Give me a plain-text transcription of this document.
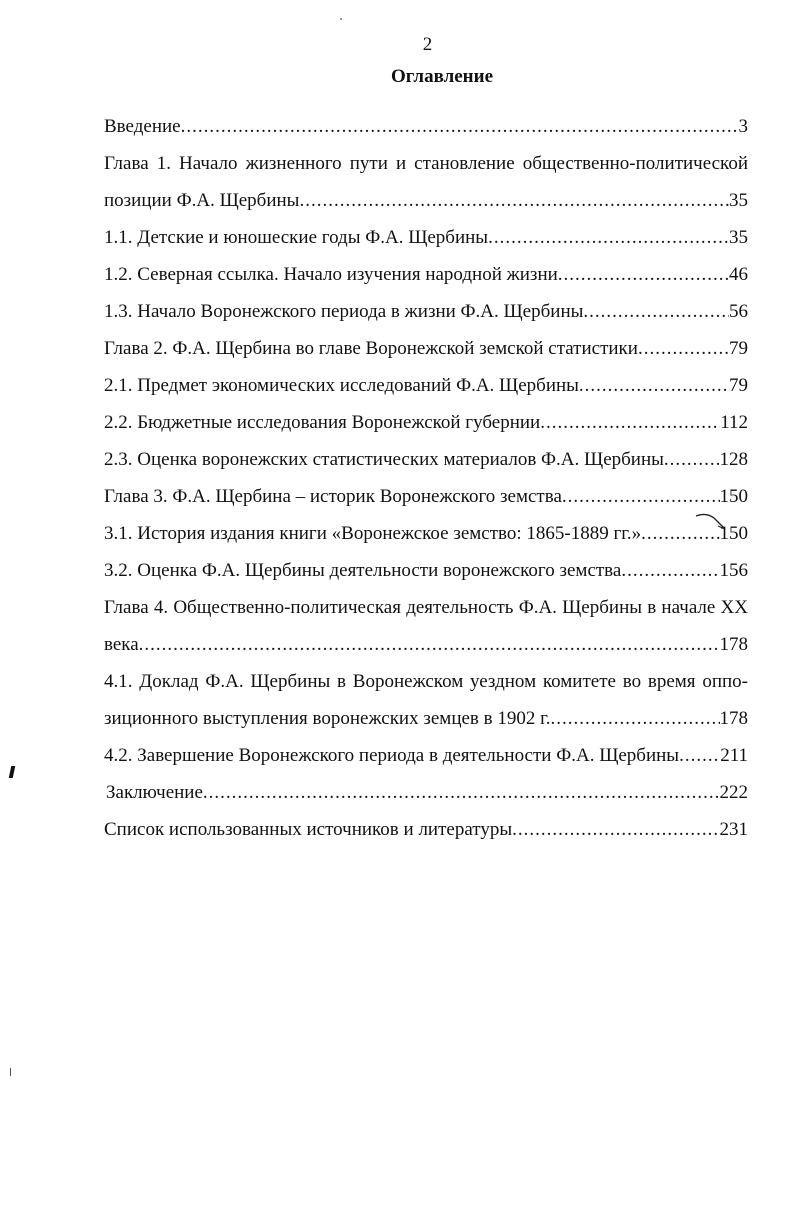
2
Оглавление
Введение .....	3
Глава 1. Начало жизненного пути и становление общественно-политической
позиции Ф.А. Щербины .....	35
1.1. Детские и юношеские годы Ф.А. Щербины .....	35
1.2. Северная ссылка. Начало изучения народной жизни .....	46
1.3. Начало Воронежского периода в жизни Ф.А. Щербины .....	56
Глава 2. Ф.А. Щербина во главе Воронежской земской статистики .....	79
2.1. Предмет экономических исследований Ф.А. Щербины .....	79
2.2. Бюджетные исследования Воронежской губернии .....	112
2.3. Оценка воронежских статистических материалов Ф.А. Щербины .....	128
Глава 3. Ф.А. Щербина – историк Воронежского земства .....	150
3.1. История издания книги «Воронежское земство: 1865-1889 гг.» .....	150
3.2. Оценка Ф.А. Щербины деятельности воронежского земства .....	156
Глава 4. Общественно-политическая деятельность Ф.А. Щербины в начале XX
века .....	178
4.1. Доклад Ф.А. Щербины в Воронежском уездном комитете во время оппо-
зиционного выступления воронежских земцев в 1902 г. .....	178
4.2. Завершение Воронежского периода в деятельности Ф.А. Щербины ..... 211
Заключение .....	222
Список использованных источников и литературы .....	231
